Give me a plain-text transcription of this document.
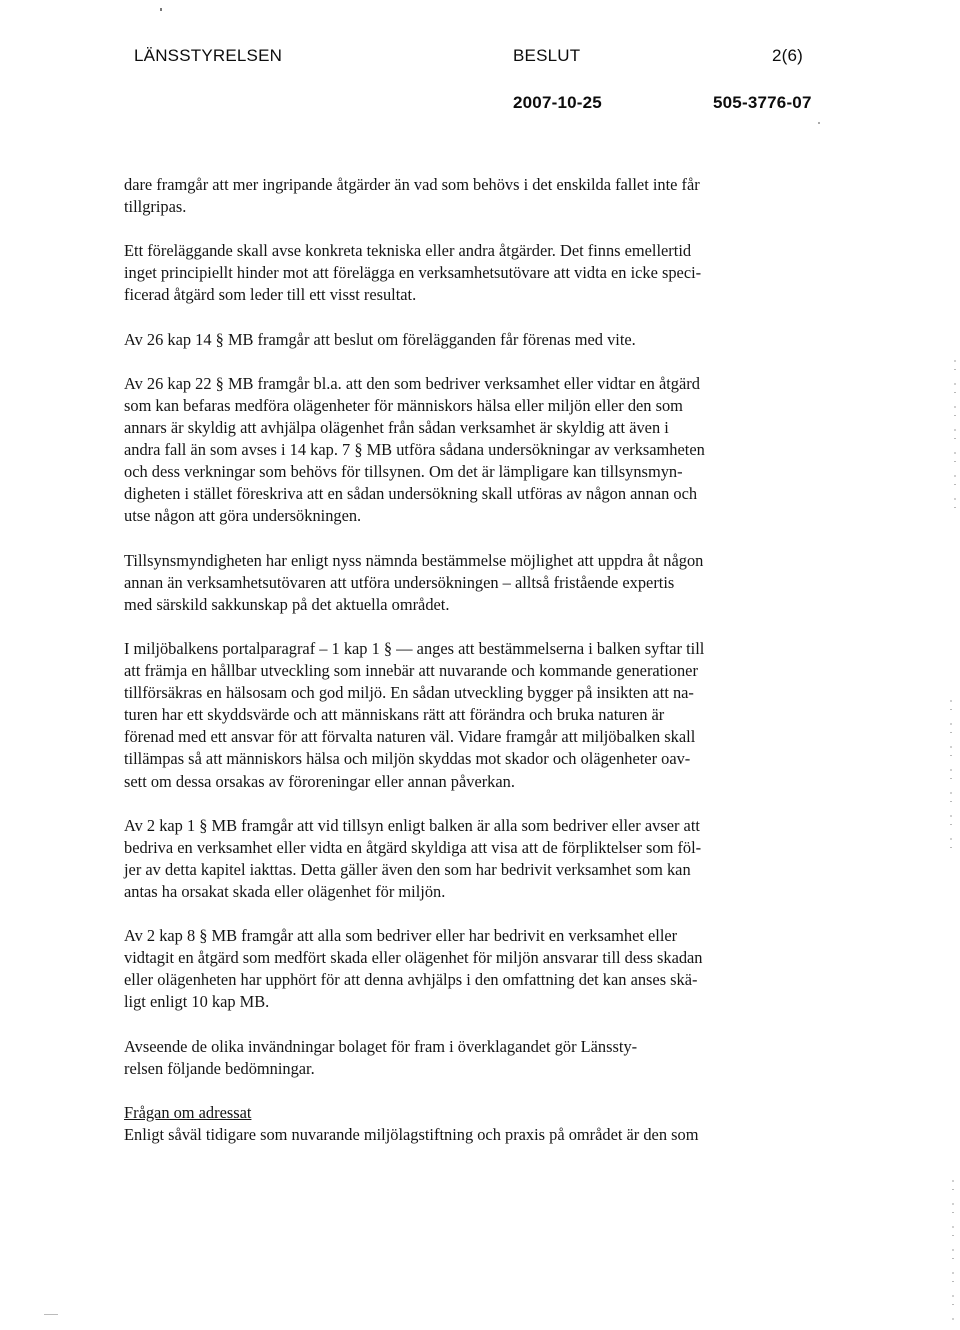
LÄNSSTYRELSEN	BESLUT	2(6)
2007-10-25	505-3776-07
dare framgår att mer ingripande åtgärder än vad som behövs i det enskilda fallet inte får
tillgripas.
Ett föreläggande skall avse konkreta tekniska eller andra åtgärder. Det finns emellertid
inget principiellt hinder mot att förelägga en verksamhetsutövare att vidta en icke speci-
ficerad åtgärd som leder till ett visst resultat.
Av 26 kap 14 § MB framgår att beslut om förelägganden får förenas med vite.
Av 26 kap 22 § MB framgår bl.a. att den som bedriver verksamhet eller vidtar en åtgärd
som kan befaras medföra olägenheter för människors hälsa eller miljön eller den som
annars är skyldig att avhjälpa olägenhet från sådan verksamhet är skyldig att även i
andra fall än som avses i 14 kap. 7 § MB utföra sådana undersökningar av verksamheten
och dess verkningar som behövs för tillsynen. Om det är lämpligare kan tillsynsmyn-
digheten i stället föreskriva att en sådan undersökning skall utföras av någon annan och
utse någon att göra undersökningen.
Tillsynsmyndigheten har enligt nyss nämnda bestämmelse möjlighet att uppdra åt någon
annan än verksamhetsutövaren att utföra undersökningen – alltså fristående expertis
med särskild sakkunskap på det aktuella området.
I miljöbalkens portalparagraf – 1 kap 1 § — anges att bestämmelserna i balken syftar till
att främja en hållbar utveckling som innebär att nuvarande och kommande generationer
tillförsäkras en hälsosam och god miljö. En sådan utveckling bygger på insikten att na-
turen har ett skyddsvärde och att människans rätt att förändra och bruka naturen är
förenad med ett ansvar för att förvalta naturen väl. Vidare framgår att miljöbalken skall
tillämpas så att människors hälsa och miljön skyddas mot skador och olägenheter oav-
sett om dessa orsakas av föroreningar eller annan påverkan.
Av 2 kap 1 § MB framgår att vid tillsyn enligt balken är alla som bedriver eller avser att
bedriva en verksamhet eller vidta en åtgärd skyldiga att visa att de förpliktelser som föl-
jer av detta kapitel iakttas. Detta gäller även den som har bedrivit verksamhet som kan
antas ha orsakat skada eller olägenhet för miljön.
Av 2 kap 8 § MB framgår att alla som bedriver eller har bedrivit en verksamhet eller
vidtagit en åtgärd som medfört skada eller olägenhet för miljön ansvarar till dess skadan
eller olägenheten har upphört för att denna avhjälps i den omfattning det kan anses skä-
ligt enligt 10 kap MB.
Avseende de olika invändningar bolaget för fram i överklagandet gör Länssty-
relsen följande bedömningar.
Frågan om adressat
Enligt såväl tidigare som nuvarande miljölagstiftning och praxis på området är den som
